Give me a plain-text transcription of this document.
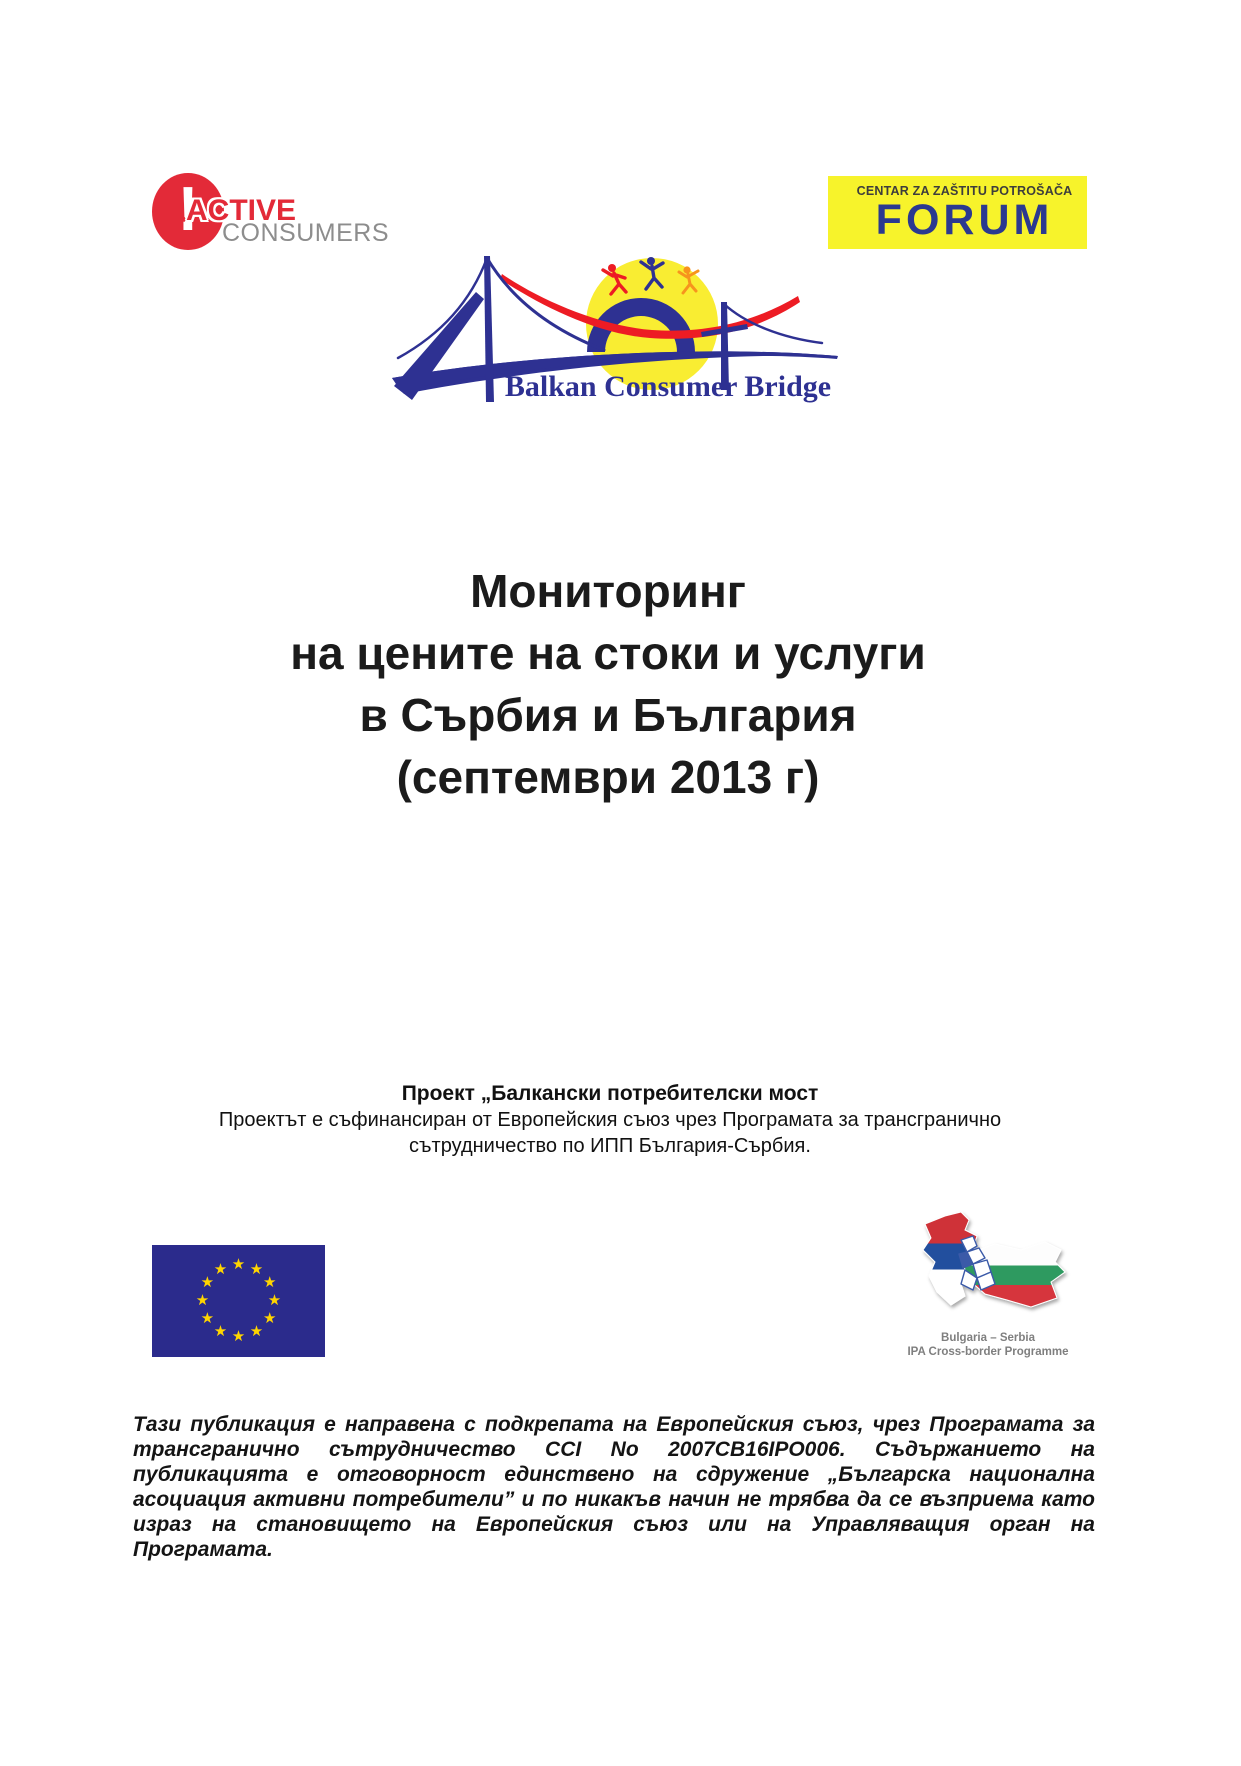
!
ACTIVE
CONSUMERS
CENTAR ZA ZAŠTITU POTROŠAČA
FORUM
Balkan Consumer Bridge
Мониторинг
на цените на стоки и услуги
в Сърбия и България
(септември 2013 г)
Проект „Балкански потребителски мост
Проектът е съфинансиран от Европейския съюз чрез Програмата за трансгранично
сътрудничество по ИПП България-Сърбия.
★ ★
★
★
★
★
★
★
★
★
★
★
Bulgaria – Serbia
IPA Cross-border Programme
Тази публикация е направена с подкрепата на Европейския съюз, чрез Програмата за трансгранично сътрудничество CCI No 2007CB16IPO006. Съдържанието на публикацията е отговорност единствено на сдружение „Българска национална асоциация активни потребители” и по никакъв начин не трябва да се възприема като израз на становището на Европейския съюз или на Управляващия орган на Програмата.
